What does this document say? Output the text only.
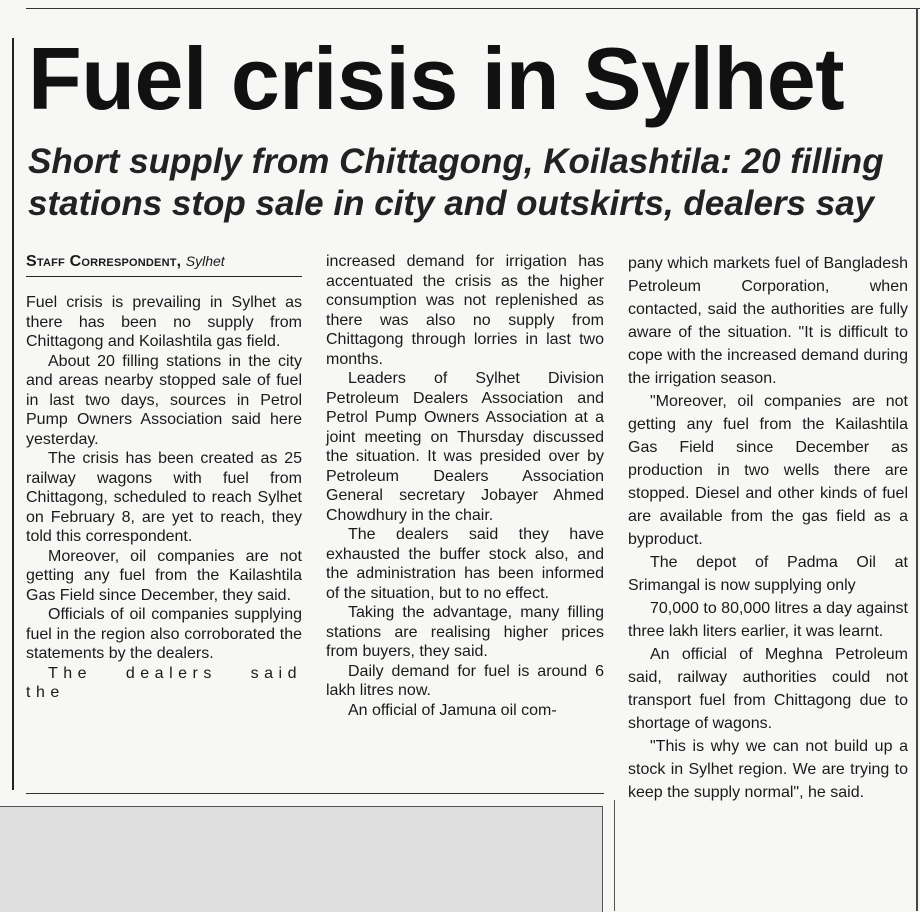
Fuel crisis in Sylhet
Short supply from Chittagong, Koilashtila: 20 filling stations stop sale in city and outskirts, dealers say
Staff Correspondent, Sylhet

Fuel crisis is prevailing in Sylhet as there has been no supply from Chittagong and Koilashtila gas field.

About 20 filling stations in the city and areas nearby stopped sale of fuel in last two days, sources in Petrol Pump Owners Association said here yesterday.

The crisis has been created as 25 railway wagons with fuel from Chittagong, scheduled to reach Sylhet on February 8, are yet to reach, they told this correspondent.

Moreover, oil companies are not getting any fuel from the Kailashtila Gas Field since December, they said.

Officials of oil companies supplying fuel in the region also corroborated the statements by the dealers.

The dealers said the

increased demand for irrigation has accentuated the crisis as the higher consumption was not replenished as there was also no supply from Chittagong through lorries in last two months.

Leaders of Sylhet Division Petroleum Dealers Association and Petrol Pump Owners Association at a joint meeting on Thursday discussed the situation. It was presided over by Petroleum Dealers Association General secretary Jobayer Ahmed Chowdhury in the chair.

The dealers said they have exhausted the buffer stock also, and the administration has been informed of the situation, but to no effect.

Taking the advantage, many filling stations are realising higher prices from buyers, they said.

Daily demand for fuel is around 6 lakh litres now.

An official of Jamuna oil com-

pany which markets fuel of Bangladesh Petroleum Corporation, when contacted, said the authorities are fully aware of the situation. "It is difficult to cope with the increased demand during the irrigation season.

"Moreover, oil companies are not getting any fuel from the Kailashtila Gas Field since December as production in two wells there are stopped. Diesel and other kinds of fuel are available from the gas field as a byproduct.

The depot of Padma Oil at Srimangal is now supplying only

70,000 to 80,000 litres a day against three lakh liters earlier, it was learnt.

An official of Meghna Petroleum said, railway authorities could not transport fuel from Chittagong due to shortage of wagons.

"This is why we can not build up a stock in Sylhet region. We are trying to keep the supply normal", he said.
